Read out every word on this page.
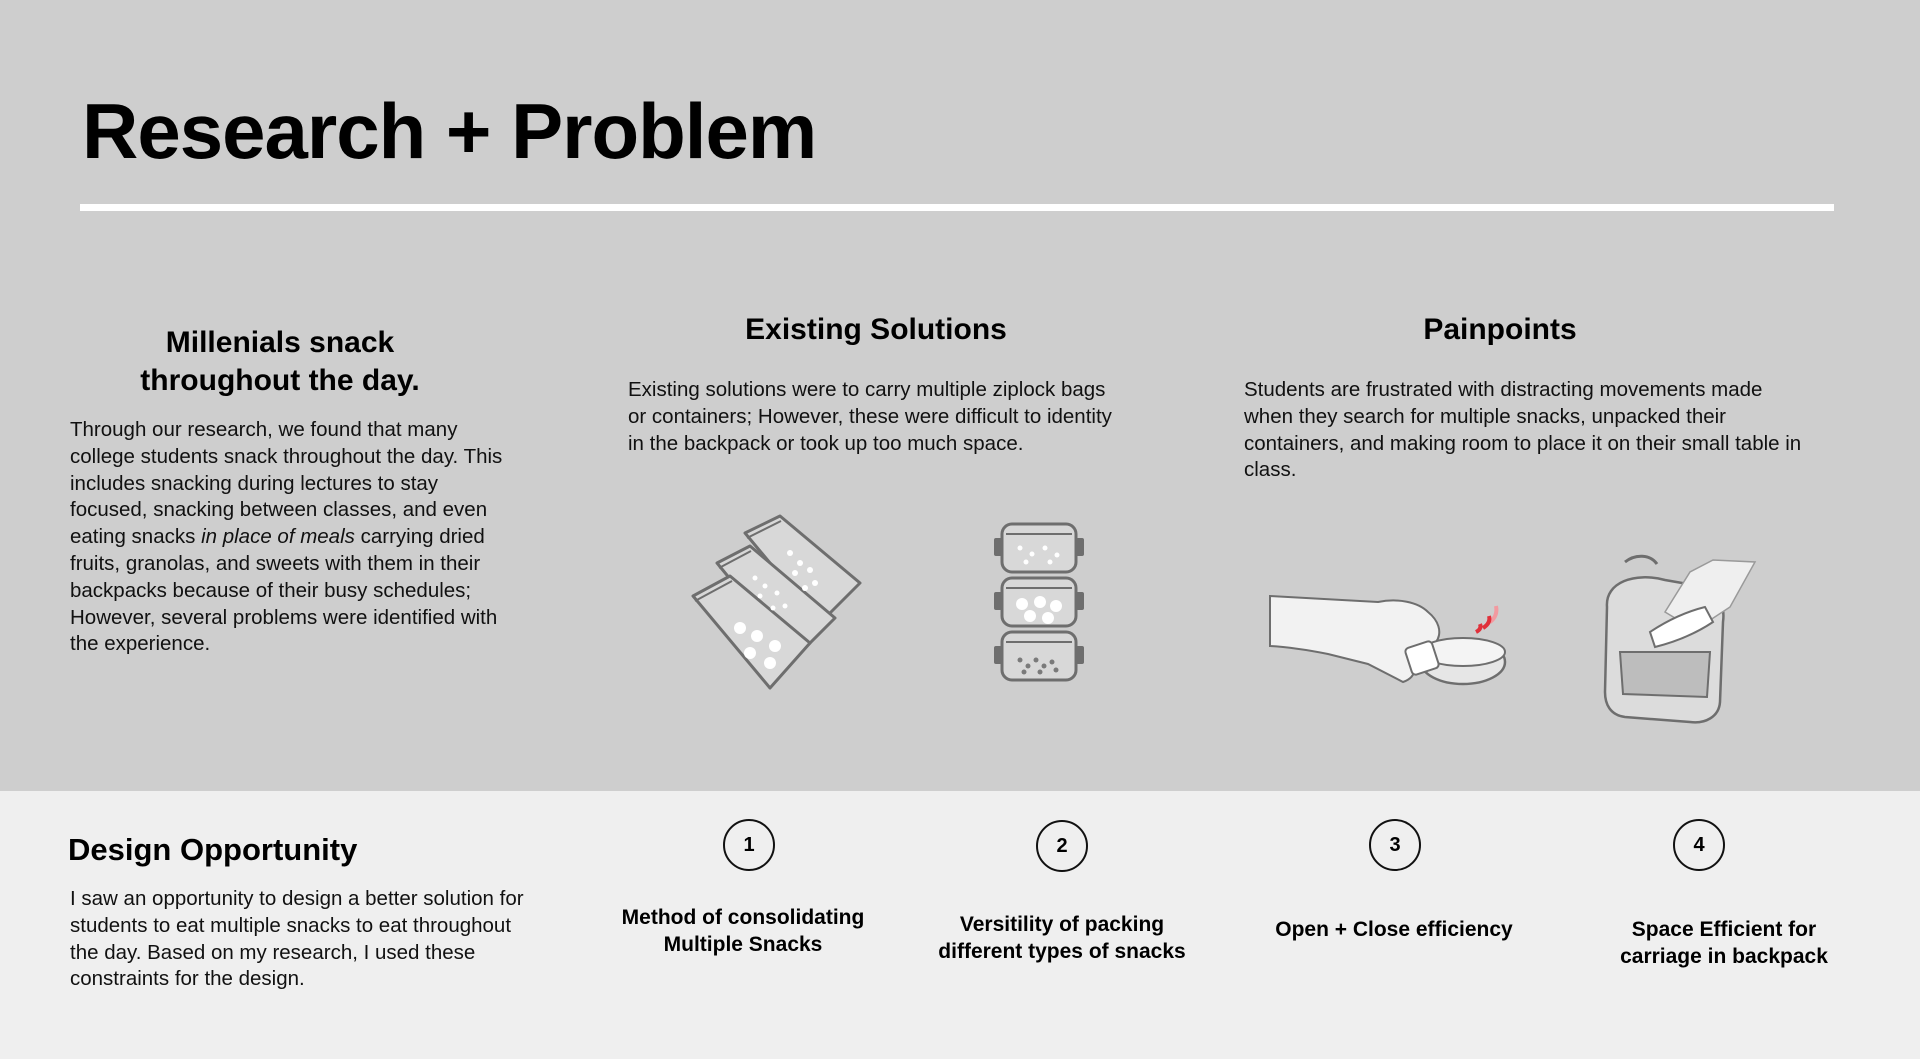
Research + Problem
Millenials snack throughout the day.

Through our research, we found that many college students snack throughout the day. This includes snacking during lectures to stay focused, snacking between classes, and even eating snacks in place of meals carrying dried fruits, granolas, and sweets with them in their backpacks because of their busy schedules; However, several problems were identified with the experience.

Existing Solutions

Existing solutions were to carry multiple ziplock bags or containers; However, these were difficult to identity in the backpack or took up too much space.

Painpoints

Students are frustrated with distracting movements made when they search for multiple snacks, unpacked their containers, and making room to place it on their small table in class.

Design Opportunity

I saw an opportunity to design a better solution for students to eat multiple snacks to eat throughout the day. Based on my research, I used these constraints for the design.

1
Method of consolidating Multiple Snacks
2
Versitility of packing different types of snacks
3
Open + Close efficiency
4
Space Efficient for carriage in backpack
